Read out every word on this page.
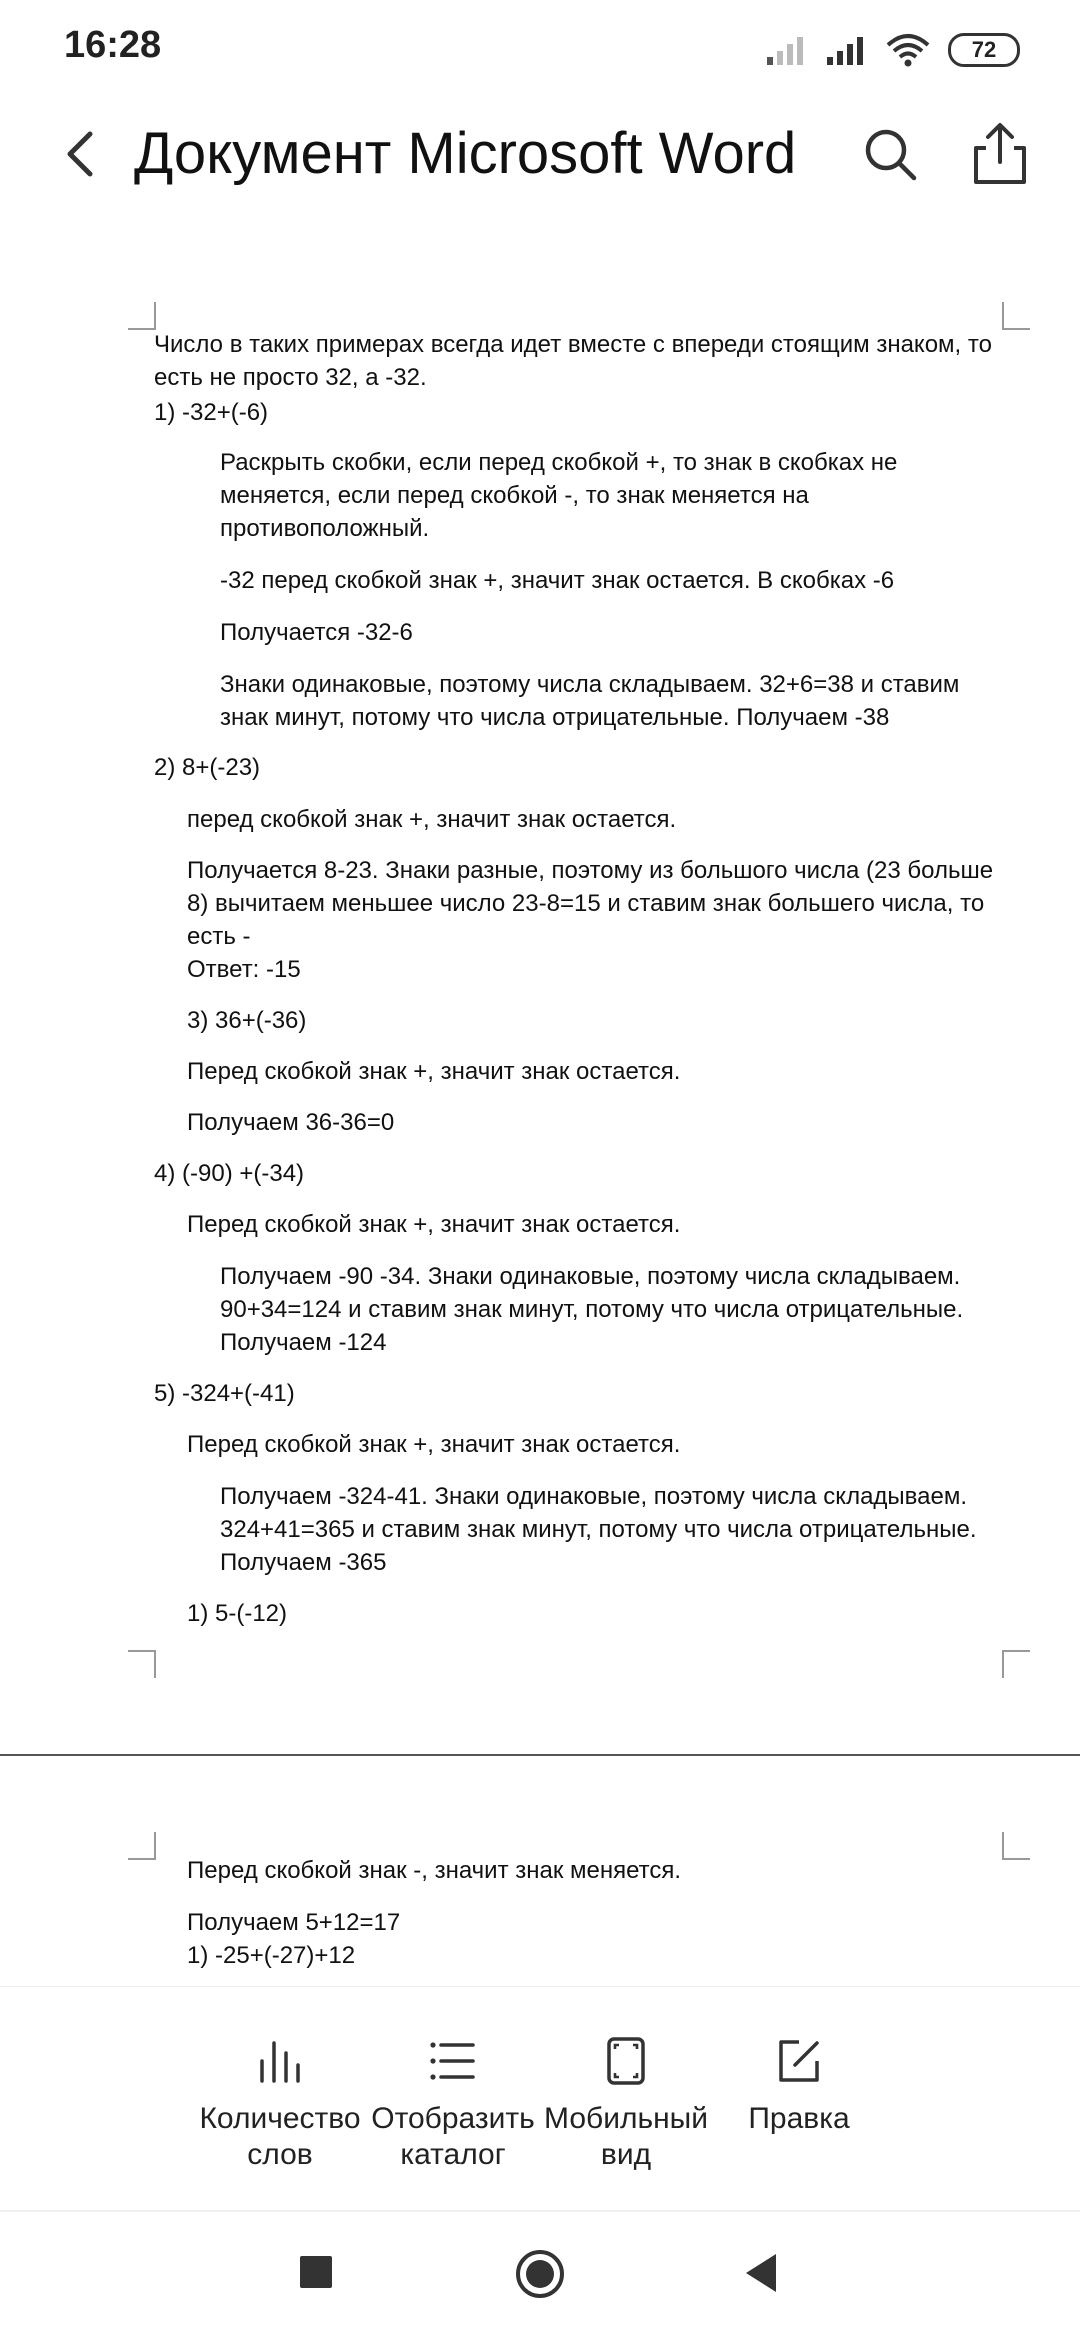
16:28	72
Документ Microsoft Word
Число в таких примерах всегда идет вместе с впереди стоящим знаком, то
есть не просто 32, а -32.
1) -32+(-6)
Раскрыть скобки, если перед скобкой +, то знак в скобках не
меняется, если перед скобкой -, то знак меняется на
противоположный.
-32 перед скобкой знак +, значит знак остается. В скобках -6
Получается -32-6
Знаки одинаковые, поэтому числа складываем. 32+6=38 и ставим
знак минут, потому что числа отрицательные. Получаем -38
2) 8+(-23)
перед скобкой знак +, значит знак остается.
Получается 8-23. Знаки разные, поэтому из большого числа (23 больше
8) вычитаем меньшее число 23-8=15 и ставим знак большего числа, то
есть -
Ответ: -15
3) 36+(-36)
Перед скобкой знак +, значит знак остается.
Получаем 36-36=0
4) (-90) +(-34)
Перед скобкой знак +, значит знак остается.
Получаем -90 -34. Знаки одинаковые, поэтому числа складываем.
90+34=124 и ставим знак минут, потому что числа отрицательные.
Получаем -124
5) -324+(-41)
Перед скобкой знак +, значит знак остается.
Получаем -324-41. Знаки одинаковые, поэтому числа складываем.
324+41=365 и ставим знак минут, потому что числа отрицательные.
Получаем -365
1) 5-(-12)
Перед скобкой знак -, значит знак меняется.
Получаем 5+12=17
1) -25+(-27)+12
Количество
слов
Отобразить
каталог
Мобильный
вид
Правка
